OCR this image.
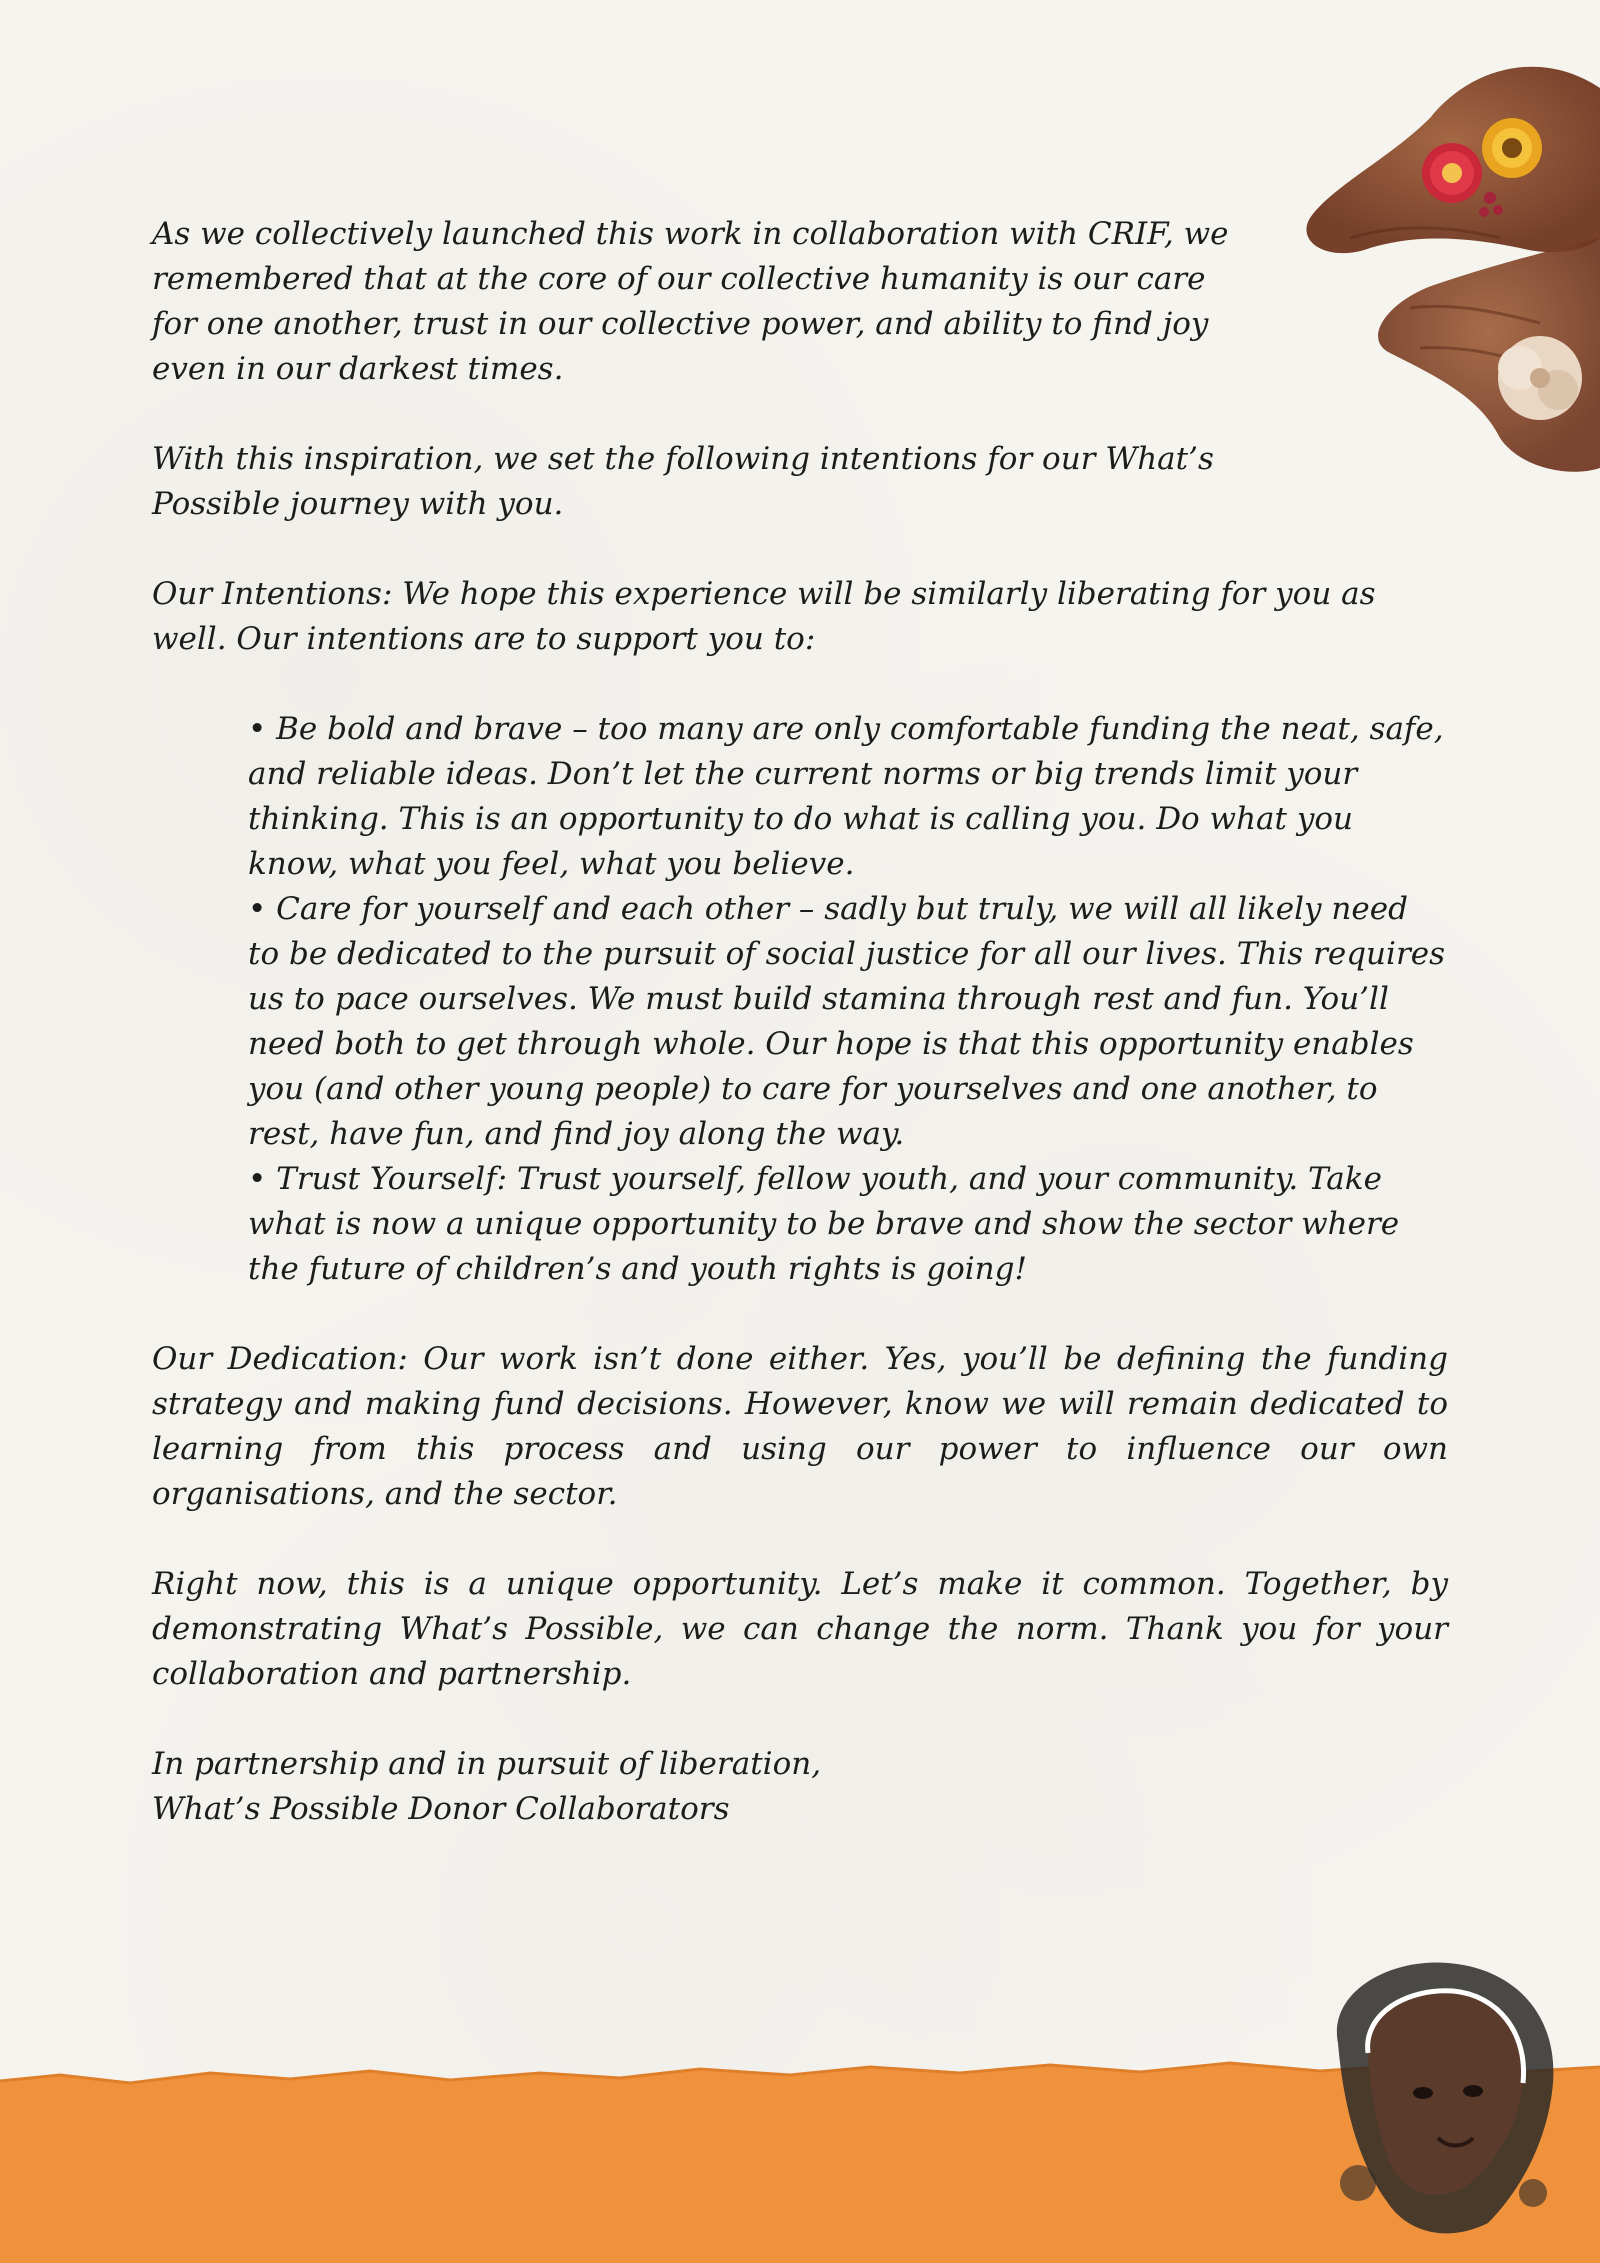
As we collectively launched this work in collaboration with CRIF, we remembered that at the core of our collective humanity is our care for one another, trust in our collective power, and ability to find joy even in our darkest times.

With this inspiration, we set the following intentions for our What’s Possible journey with you.

Our Intentions: We hope this experience will be similarly liberating for you as well. Our intentions are to support you to:

• Be bold and brave – too many are only comfortable funding the neat, safe, and reliable ideas. Don’t let the current norms or big trends limit your thinking. This is an opportunity to do what is calling you. Do what you know, what you feel, what you believe.

• Care for yourself and each other – sadly but truly, we will all likely need to be dedicated to the pursuit of social justice for all our lives. This requires us to pace ourselves. We must build stamina through rest and fun. You’ll need both to get through whole. Our hope is that this opportunity enables you (and other young people) to care for yourselves and one another, to rest, have fun, and find joy along the way.

• Trust Yourself: Trust yourself, fellow youth, and your community. Take what is now a unique opportunity to be brave and show the sector where the future of children’s and youth rights is going!

Our Dedication: Our work isn’t done either. Yes, you’ll be defining the funding strategy and making fund decisions. However, know we will remain dedicated to learning from this process and using our power to influence our own organisations, and the sector.

Right now, this is a unique opportunity. Let’s make it common. Together, by demonstrating What’s Possible, we can change the norm. Thank you for your collaboration and partnership.

In partnership and in pursuit of liberation,

What’s Possible Donor Collaborators
